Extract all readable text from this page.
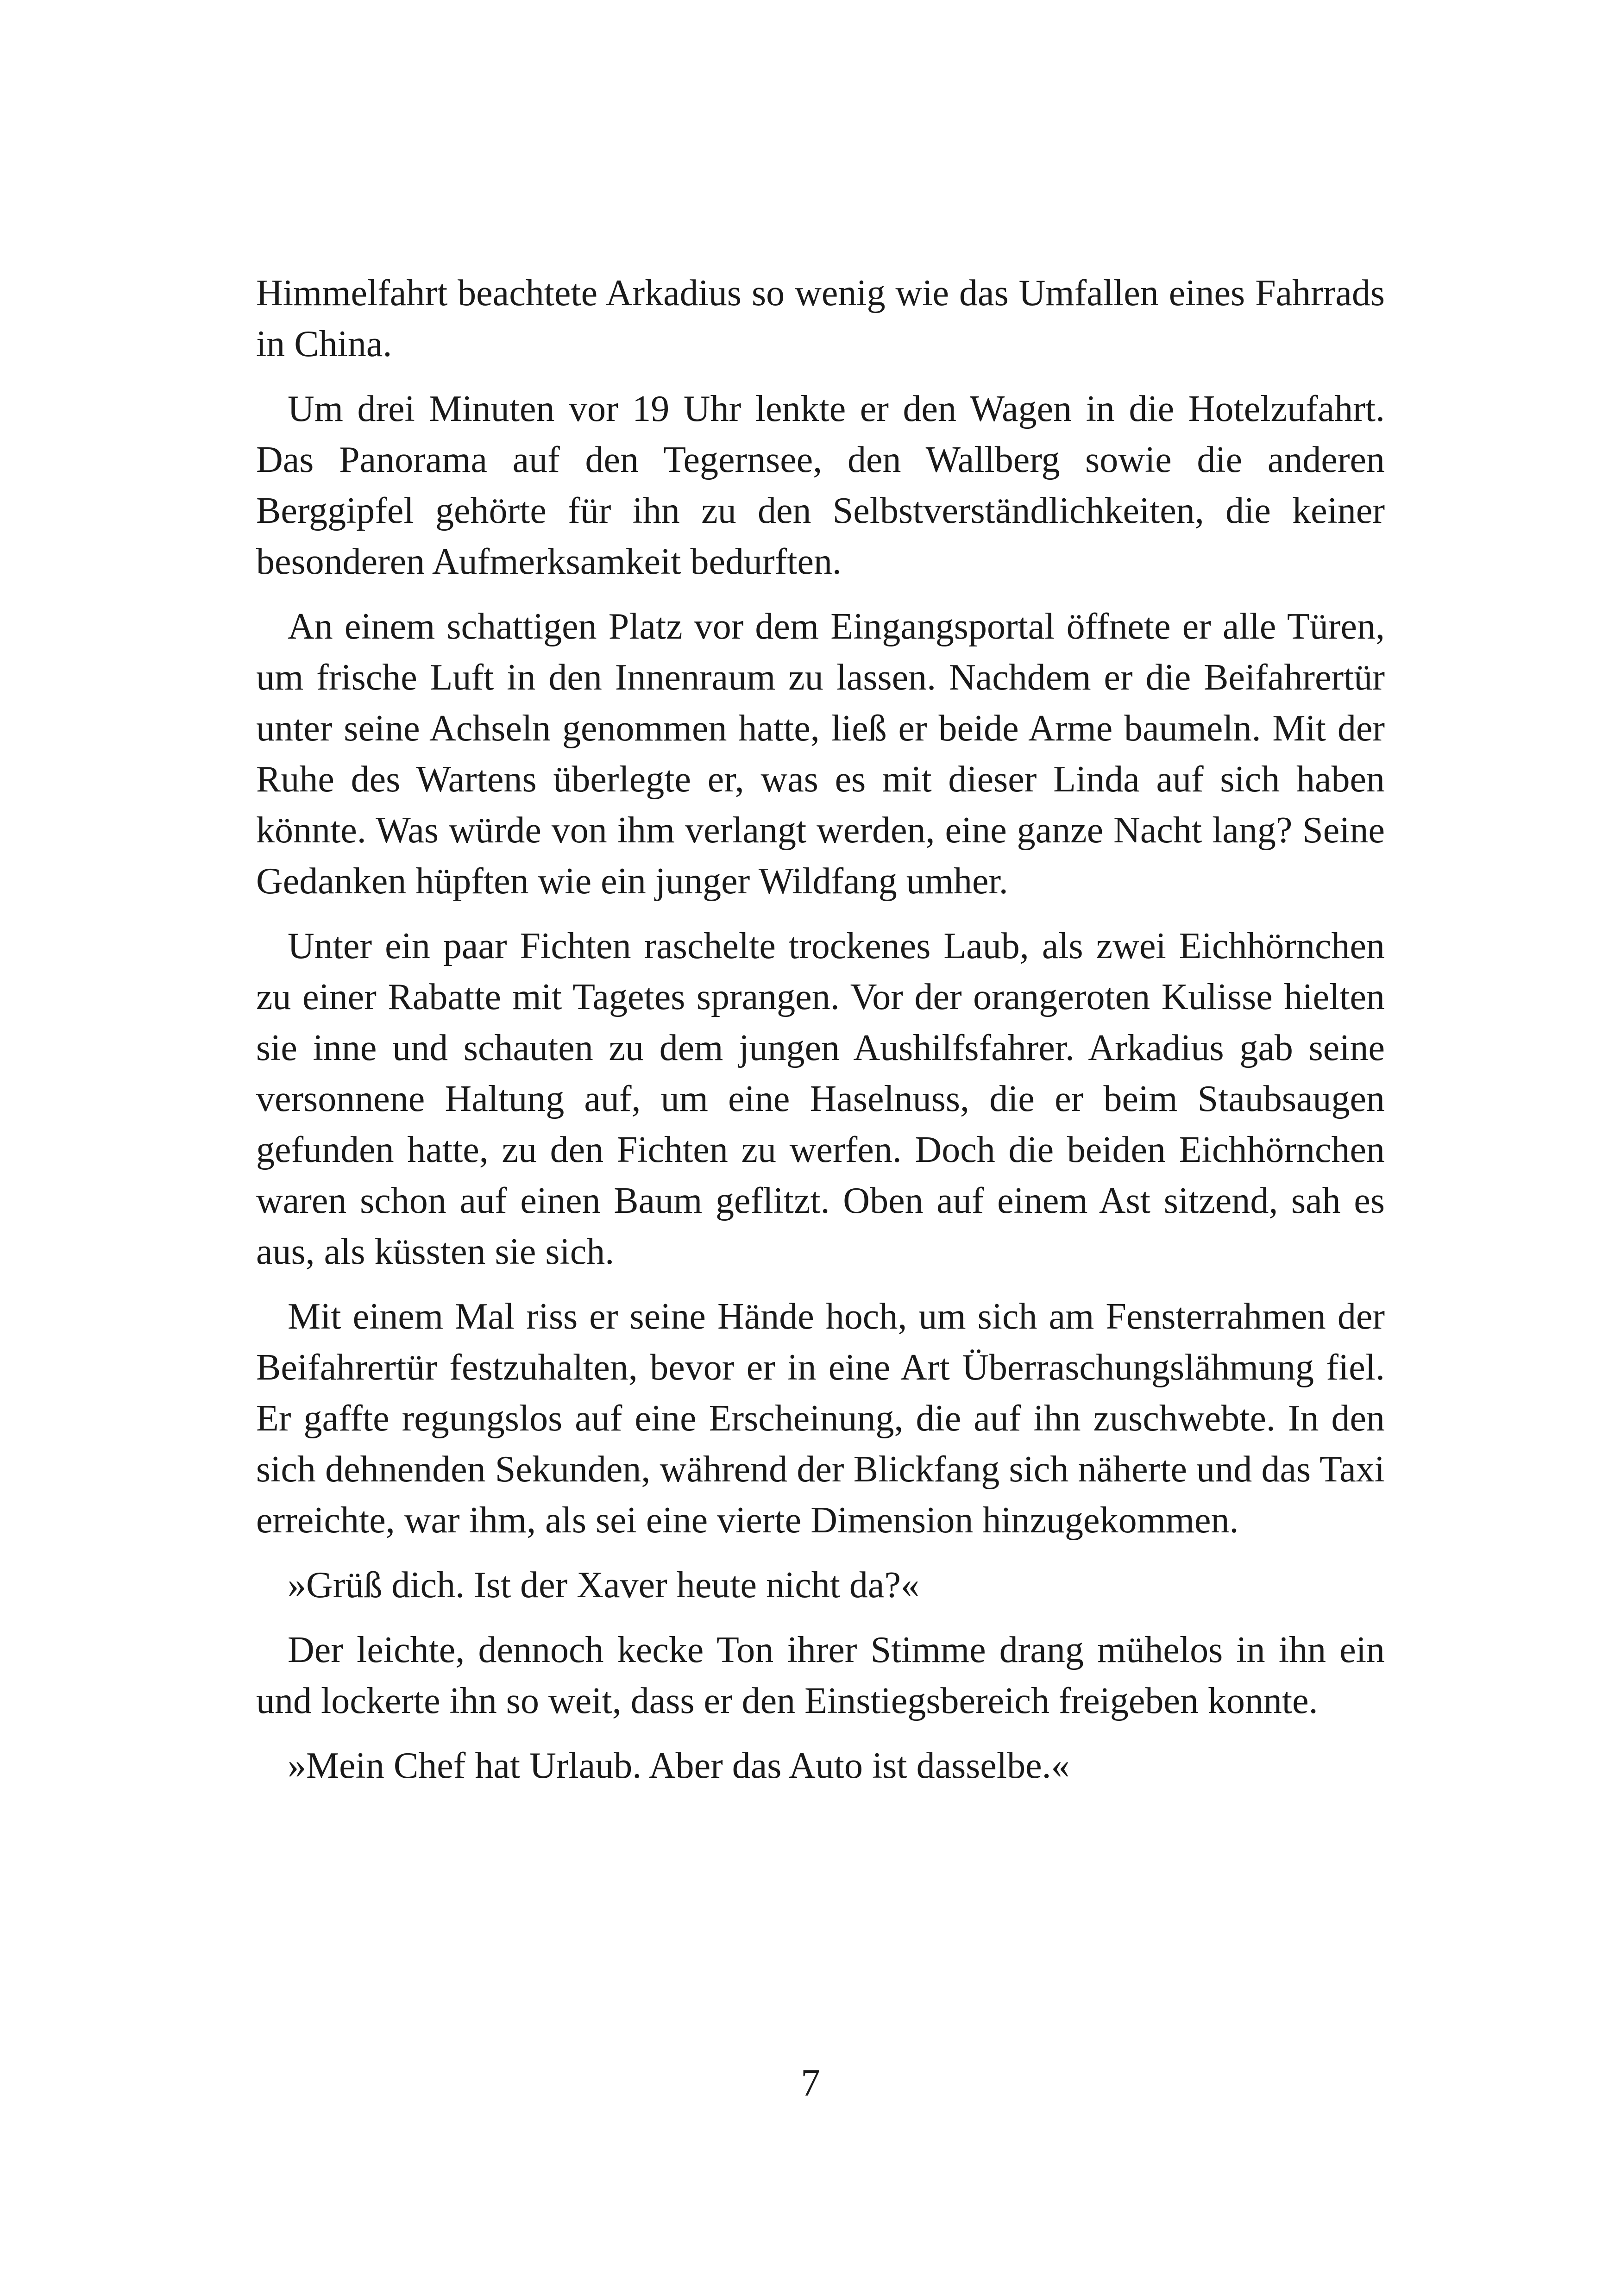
Himmelfahrt beachtete Arkadius so wenig wie das Umfallen eines Fahrrads in China.

Um drei Minuten vor 19 Uhr lenkte er den Wagen in die Hotelzufahrt. Das Panorama auf den Tegernsee, den Wallberg sowie die anderen Berggipfel gehörte für ihn zu den Selbstverständlichkeiten, die keiner besonderen Aufmerksamkeit bedurften.

An einem schattigen Platz vor dem Eingangsportal öffnete er alle Türen, um frische Luft in den Innenraum zu lassen. Nachdem er die Beifahrertür unter seine Achseln genommen hatte, ließ er beide Arme baumeln. Mit der Ruhe des Wartens überlegte er, was es mit dieser Linda auf sich haben könnte. Was würde von ihm verlangt werden, eine ganze Nacht lang? Seine Gedanken hüpften wie ein junger Wildfang umher.

Unter ein paar Fichten raschelte trockenes Laub, als zwei Eichhörnchen zu einer Rabatte mit Tagetes sprangen. Vor der orangeroten Kulisse hielten sie inne und schauten zu dem jungen Aushilfsfahrer. Arkadius gab seine versonnene Haltung auf, um eine Haselnuss, die er beim Staubsaugen gefunden hatte, zu den Fichten zu werfen. Doch die beiden Eichhörnchen waren schon auf einen Baum geflitzt. Oben auf einem Ast sitzend, sah es aus, als küssten sie sich.

Mit einem Mal riss er seine Hände hoch, um sich am Fensterrahmen der Beifahrertür festzuhalten, bevor er in eine Art Überraschungslähmung fiel. Er gaffte regungslos auf eine Erscheinung, die auf ihn zuschwebte. In den sich dehnenden Sekunden, während der Blickfang sich näherte und das Taxi erreichte, war ihm, als sei eine vierte Dimension hinzugekommen.

»Grüß dich. Ist der Xaver heute nicht da?«

Der leichte, dennoch kecke Ton ihrer Stimme drang mühelos in ihn ein und lockerte ihn so weit, dass er den Einstiegsbereich freigeben konnte.

»Mein Chef hat Urlaub. Aber das Auto ist dasselbe.«

7
